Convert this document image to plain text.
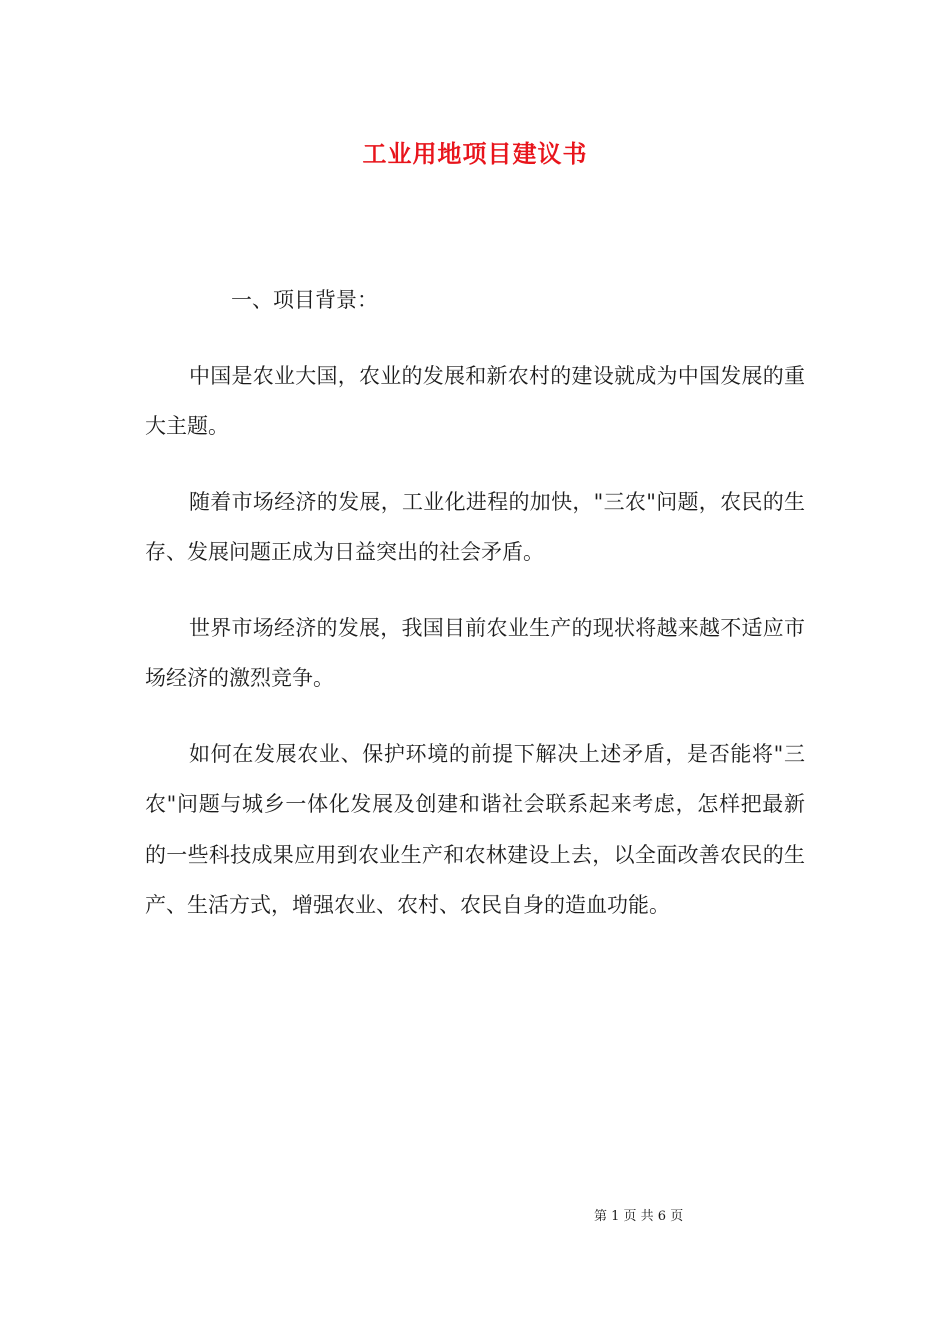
工业用地项目建议书

一、项目背景：

中国是农业大国，农业的发展和新农村的建设就成为中国发展的重大主题。

随着市场经济的发展，工业化进程的加快，"三农"问题，农民的生存、发展问题正成为日益突出的社会矛盾。

世界市场经济的发展，我国目前农业生产的现状将越来越不适应市场经济的激烈竞争。

如何在发展农业、保护环境的前提下解决上述矛盾，是否能将"三农"问题与城乡一体化发展及创建和谐社会联系起来考虑，怎样把最新的一些科技成果应用到农业生产和农林建设上去，以全面改善农民的生产、生活方式，增强农业、农村、农民自身的造血功能。

第 1 页 共 6 页
